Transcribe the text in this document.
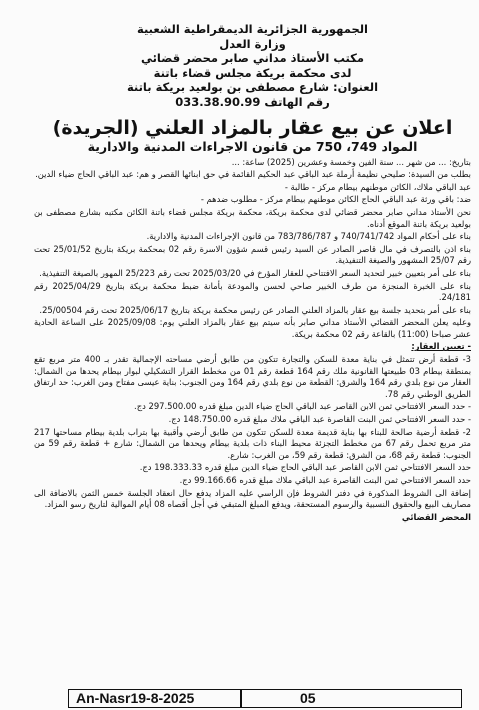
الجمهورية الجزائرية الديمقراطية الشعبية
وزارة العدل
مكتب الأستاذ مداني صابر محضر قضائي
لدى محكمة بريكة مجلس قضاء باتنة
العنوان: شارع مصطفى بن بولعيد بريكة باتنة
رقم الهاتف 033.38.90.99
اعلان عن بيع عقار بالمزاد العلني (الجريدة)
المواد 749، 750 من قانون الاجراءات المدنية والادارية

بتاريخ: ... من شهر ... سنة الفين وخمسة وعشرين (2025) ساعة: ...

بطلب من السيدة: صليحي نظيمة أرملة عبد الباقي عبد الحكيم القائمة في حق ابنائها القصر و هم: عبد الباقي الحاج ضياء الدين.

عبد الباقي ملاك، الكائن موطنهم بيطام مركز - طالبة -

ضد: باقي ورثة عبد الباقي الحاج الكائن موطنهم بيطام مركز - مطلوب ضدهم -

نحن الأستاذ مداني صابر محضر قضائي لدى محكمة بريكة، محكمة بريكة مجلس قضاء باتنة الكائن مكتبه بشارع مصطفى بن بولعيد بريكة باتنة الموقع أدناه.

بناء على أحكام المواد 740/741/742 و 783/786/787 من قانون الإجراءات المدنية والادارية.

بناء اذن بالتصرف في مال قاصر الصادر عن السيد رئيس قسم شؤون الاسرة رقم 02 بمحكمة بريكة بتاريخ 25/01/52 تحت رقم 25/07 المشهور والصيغة التنفيذية.

بناء على أمر بتعيين خبير لتحديد السعر الافتتاحي للعقار المؤرخ في 2025/03/20 تحت رقم 25/223 المهور بالصيغة التنفيذية.

بناء على الخبرة المنجزة من طرف الخبير صاحي لحسن والمودعة بأمانة ضبط محكمة بريكة بتاريخ 2025/04/29 رقم 24/181.

بناء على أمر بتحديد جلسة بيع عقار بالمزاد العلني الصادر عن رئيس محكمة بريكة بتاريخ 2025/06/17 تحت رقم 25/00504.

وعليه يعلن المحضر القضائي الأستاذ مداني صابر بأنه سيتم بيع عقار بالمزاد العلني يوم: 2025/09/08 على الساعة الحادية عشر صباحا (11:00) بالقاعة رقم 02 محكمة بريكة.

- تعيين العقار:

3- قطعة أرض تتمثل في بناية معدة للسكن والتجارة تتكون من طابق أرضي مساحته الإجمالية تقدر بـ 400 متر مربع تقع بمنطقة بيطام 03 طبيعتها القانونية ملك رقم 164 قطعة رقم 01 من مخطط القرار التشكيلي لبوار بيطام يحدها من الشمال: العقار من نوع بلدي رقم 164 والشرق: القطعة من نوع بلدي رقم 164 ومن الجنوب: بناية عيسى مفتاح ومن الغرب: حد ارتفاق الطريق الوطني رقم 78.

- حدد السعر الافتتاحي ثمن الابن القاصر عبد الباقي الحاج ضياء الدين مبلغ قدره 297.500.00 دج.

- حدد السعر الافتتاحي ثمن البنت القاصرة عبد الباقي ملاك مبلغ قدره 148.750.00 دج.

2- قطعة أرضية صالحة للبناء بها بناية قديمة معدة للسكن تتكون من طابق أرضي وأقبية بها بتراب بلدية بيطام مساحتها 217 متر مربع تحمل رقم 67 من مخطط التجزئة محيط البناء ذات بلدية بيطام ويحدها من الشمال: شارع + قطعة رقم 59 من الجنوب: قطعة رقم 68، من الشرق: قطعة رقم 59، من الغرب: شارع.

حدد السعر الافتتاحي ثمن الابن القاصر عبد الباقي الحاج ضياء الدين مبلغ قدره 198.333.33 دج.

حدد السعر الافتتاحي ثمن البنت القاصرة عبد الباقي ملاك مبلغ قدره 99.166.66 دج.

إضافة الى الشروط المذكورة في دفتر الشروط فإن الراسي عليه المزاد يدفع حال انعقاد الجلسة خمس الثمن بالاضافة الى مصاريف البيع والحقوق النسبية والرسوم المستحقة، ويدفع المبلغ المتبقي في أجل أقصاه 08 أيام الموالية لتاريخ رسو المزاد.

المحضر القضائي

An-Nasr19-8-2025	05
